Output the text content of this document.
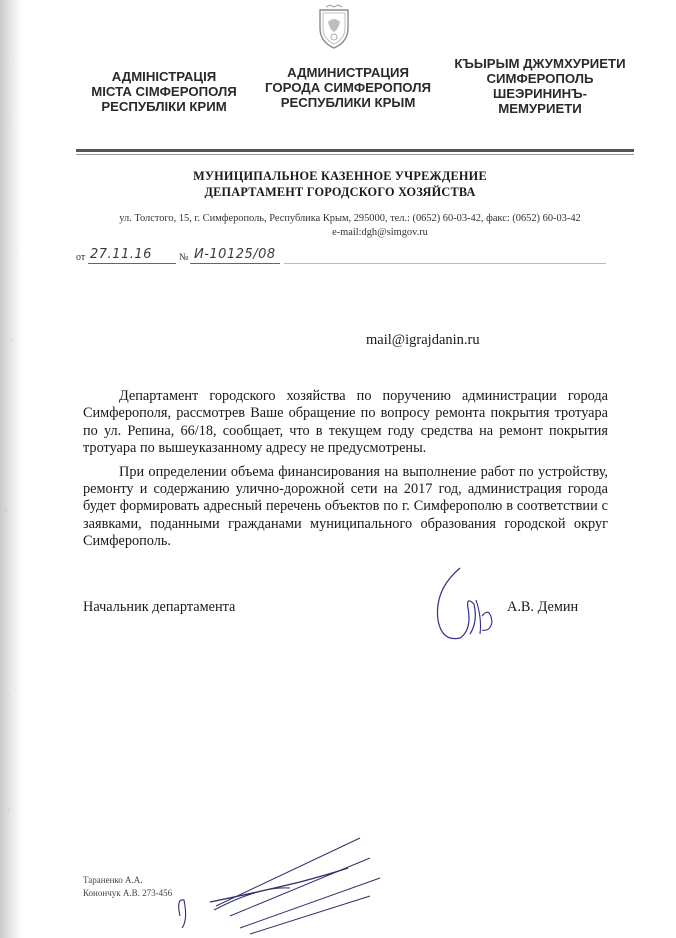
АДМІНІСТРАЦІЯ
МІСТА СІМФЕРОПОЛЯ
РЕСПУБЛІКИ КРИМ
АДМИНИСТРАЦИЯ
ГОРОДА СИМФЕРОПОЛЯ
РЕСПУБЛИКИ КРЫМ
КЪЫРЫМ ДЖУМХУРИЕТИ
СИМФЕРОПОЛЬ
ШЕЭРИНИНЪ-
МЕМУРИЕТИ
МУНИЦИПАЛЬНОЕ КАЗЕННОЕ УЧРЕЖДЕНИЕ
ДЕПАРТАМЕНТ ГОРОДСКОГО ХОЗЯЙСТВА
ул. Толстого, 15, г. Симферополь, Республика Крым, 295000, тел.: (0652) 60-03-42, факс: (0652) 60-03-42
e-mail:dgh@simgov.ru
от	№
27.11.16	И-10125/08
mail@igrajdanin.ru

Департамент городского хозяйства по поручению администрации города Симферополя, рассмотрев Ваше обращение по вопросу ремонта покрытия тротуара по ул. Репина, 66/18, сообщает, что в текущем году средства на ремонт покрытия тротуара по вышеуказанному адресу не предусмотрены.

При определении объема финансирования на выполнение работ по устройству, ремонту и содержанию улично-дорожной сети на 2017 год, администрация города будет формировать адресный перечень объектов по г. Симферополю в соответствии с заявками, поданными гражданами муниципального образования городской округ Симферополь.

Начальник департамента	А.В. Демин
Тараненко А.А.
Конончук А.В. 273-456
